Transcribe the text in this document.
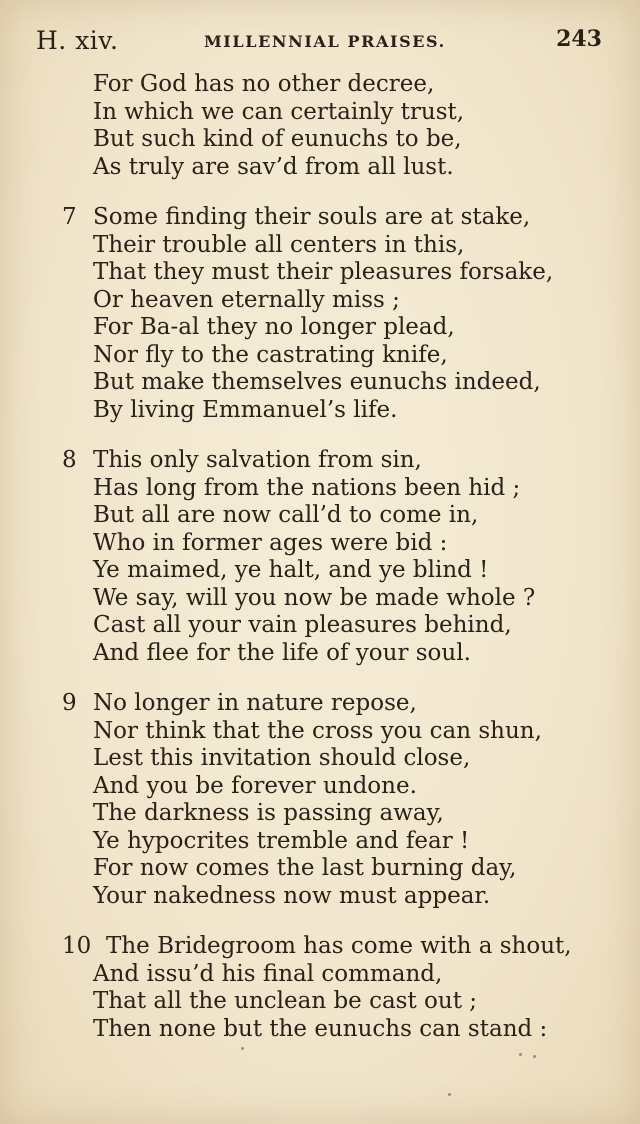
H. xiv.	MILLENNIAL PRAISES.	243
For God has no other decree,
In which we can certainly trust,
But such kind of eunuchs to be,
As truly are sav’d from all lust.
7 Some finding their souls are at stake,
Their trouble all centers in this,
That they must their pleasures forsake,
Or heaven eternally miss ;
For Ba-al they no longer plead,
Nor fly to the castrating knife,
But make themselves eunuchs indeed,
By living Emmanuel’s life.
8 This only salvation from sin,
Has long from the nations been hid ;
But all are now call’d to come in,
Who in former ages were bid :
Ye maimed, ye halt, and ye blind !
We say, will you now be made whole ?
Cast all your vain pleasures behind,
And flee for the life of your soul.
9 No longer in nature repose,
Nor think that the cross you can shun,
Lest this invitation should close,
And you be forever undone.
The darkness is passing away,
Ye hypocrites tremble and fear !
For now comes the last burning day,
Your nakedness now must appear.
10 The Bridegroom has come with a shout,
And issu’d his final command,
That all the unclean be cast out ;
Then none but the eunuchs can stand :
